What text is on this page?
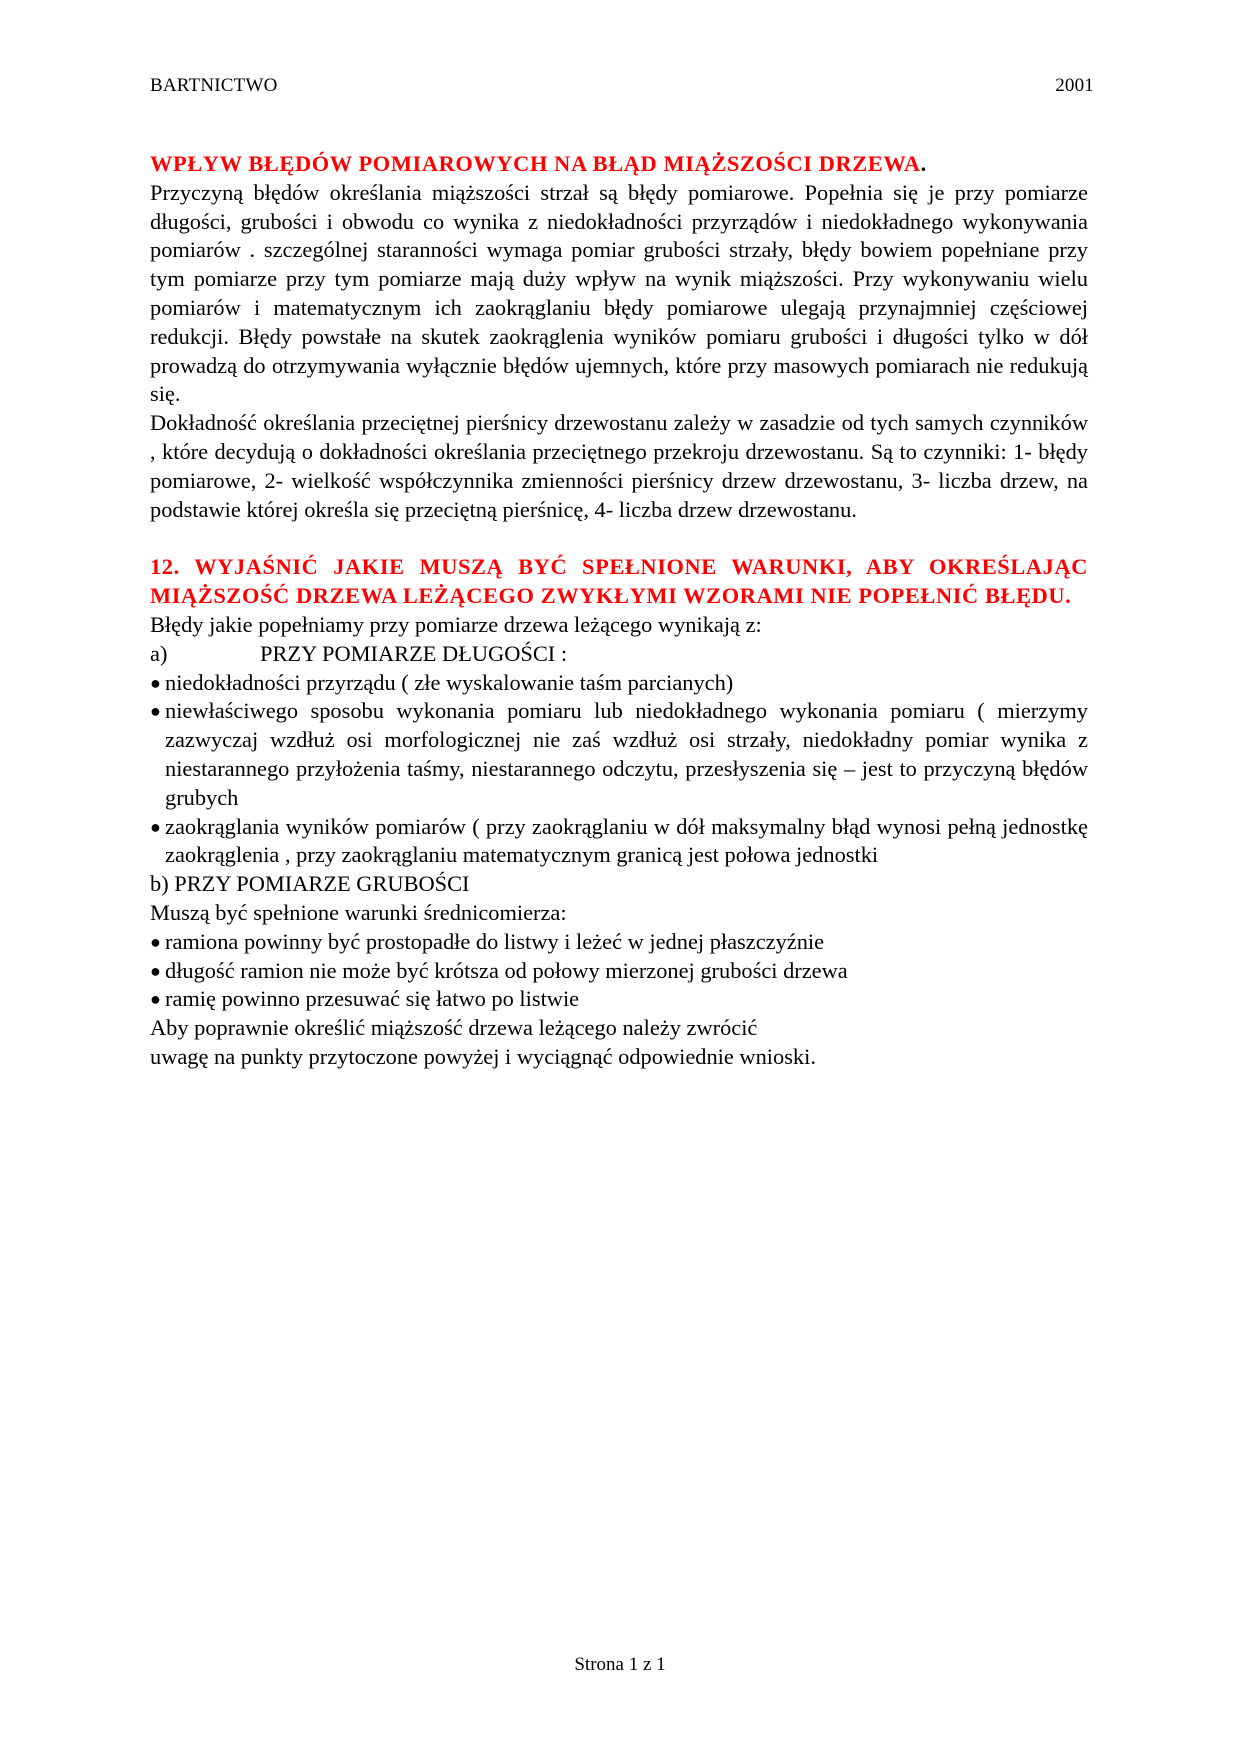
BARTNICTWO	2001

WPŁYW BŁĘDÓW POMIAROWYCH NA BŁĄD MIĄŻSZOŚCI DRZEWA.

Przyczyną błędów określania miąższości strzał są błędy pomiarowe. Popełnia się je przy pomiarze długości, grubości i obwodu co wynika z niedokładności przyrządów i niedokładnego wykonywania pomiarów . szczególnej staranności wymaga pomiar grubości strzały, błędy bowiem popełniane przy tym pomiarze przy tym pomiarze mają duży wpływ na wynik miąższości. Przy wykonywaniu wielu pomiarów i matematycznym ich zaokrąglaniu błędy pomiarowe ulegają przynajmniej częściowej redukcji. Błędy powstałe na skutek zaokrąglenia wyników pomiaru grubości i długości tylko w dół prowadzą do otrzymywania wyłącznie błędów ujemnych, które przy masowych pomiarach nie redukują się.

Dokładność określania przeciętnej pierśnicy drzewostanu zależy w zasadzie od tych samych czynników , które decydują o dokładności określania przeciętnego przekroju drzewostanu. Są to czynniki: 1- błędy pomiarowe, 2- wielkość współczynnika zmienności pierśnicy drzew drzewostanu, 3- liczba drzew, na podstawie której określa się przeciętną pierśnicę, 4- liczba drzew drzewostanu.

12. WYJAŚNIĆ JAKIE MUSZĄ BYĆ SPEŁNIONE WARUNKI, ABY OKREŚLAJĄC MIĄŻSZOŚĆ DRZEWA LEŻĄCEGO ZWYKŁYMI WZORAMI NIE POPEŁNIĆ BŁĘDU.

Błędy jakie popełniamy przy pomiarze drzewa leżącego wynikają z:

a)	PRZY POMIARZE DŁUGOŚCI :

● niedokładności przyrządu ( złe wyskalowanie taśm parcianych)

● niewłaściwego sposobu wykonania pomiaru lub niedokładnego wykonania pomiaru ( mierzymy zazwyczaj wzdłuż osi morfologicznej nie zaś wzdłuż osi strzały, niedokładny pomiar wynika z niestarannego przyłożenia taśmy, niestarannego odczytu, przesłyszenia się – jest to przyczyną błędów grubych

● zaokrąglania wyników pomiarów ( przy zaokrąglaniu w dół maksymalny błąd wynosi pełną jednostkę zaokrąglenia , przy zaokrąglaniu matematycznym granicą jest połowa jednostki

b) PRZY POMIARZE GRUBOŚCI

Muszą być spełnione warunki średnicomierza:

● ramiona powinny być prostopadłe do listwy i leżeć w jednej płaszczyźnie

● długość ramion nie może być krótsza od połowy mierzonej grubości drzewa

● ramię powinno przesuwać się łatwo po listwie

Aby poprawnie określić miąższość drzewa leżącego należy zwrócić

uwagę na punkty przytoczone powyżej i wyciągnąć odpowiednie wnioski.

Strona 1 z 1
